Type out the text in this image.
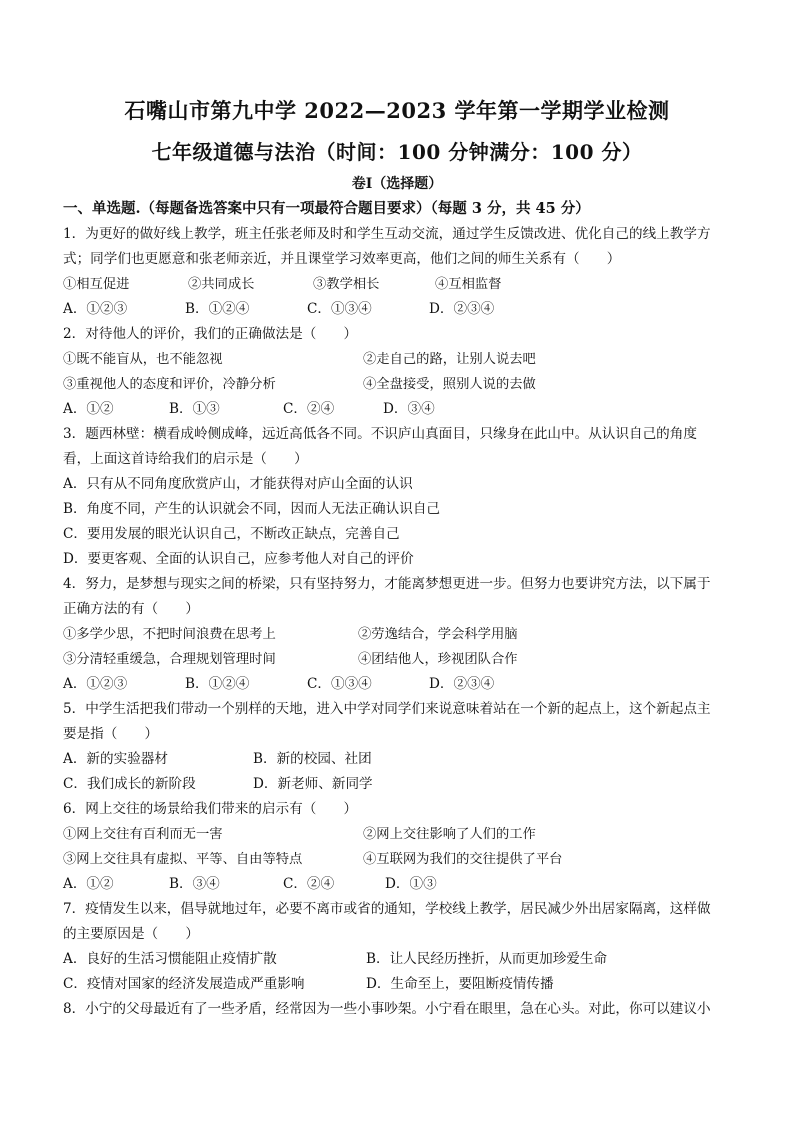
石嘴山市第九中学 2022—2023 学年第一学期学业检测
七年级道德与法治（时间：100 分钟满分：100 分）
卷Ⅰ（选择题）
一、单选题.（每题备选答案中只有一项最符合题目要求）（每题 3 分，共 45 分）
1．为更好的做好线上教学，班主任张老师及时和学生互动交流，通过学生反馈改进、优化自己的线上教学方
式；同学们也更愿意和张老师亲近，并且课堂学习效率更高，他们之间的师生关系有（　　）
①相互促进	②共同成长	③教学相长	④互相监督
A．①②③	B．①②④	C．①③④	D．②③④
2．对待他人的评价，我们的正确做法是（　　）
①既不能盲从，也不能忽视	②走自己的路，让别人说去吧
③重视他人的态度和评价，冷静分析	④全盘接受，照别人说的去做
A．①②	B．①③	C．②④	D．③④
3．题西林壁：横看成岭侧成峰，远近高低各不同。不识庐山真面目，只缘身在此山中。从认识自己的角度
看，上面这首诗给我们的启示是（　　）
A．只有从不同角度欣赏庐山，才能获得对庐山全面的认识
B．角度不同，产生的认识就会不同，因而人无法正确认识自己
C．要用发展的眼光认识自己，不断改正缺点，完善自己
D．要更客观、全面的认识自己，应参考他人对自己的评价
4．努力，是梦想与现实之间的桥梁，只有坚持努力，才能离梦想更进一步。但努力也要讲究方法，以下属于
正确方法的有（　　）
①多学少思，不把时间浪费在思考上	②劳逸结合，学会科学用脑
③分清轻重缓急，合理规划管理时间	④团结他人，珍视团队合作
A．①②③	B．①②④	C．①③④	D．②③④
5．中学生活把我们带动一个别样的天地，进入中学对同学们来说意味着站在一个新的起点上，这个新起点主
要是指（　　）
A．新的实验器材	B．新的校园、社团
C．我们成长的新阶段	D．新老师、新同学
6．网上交往的场景给我们带来的启示有（　　）
①网上交往有百利而无一害	②网上交往影响了人们的工作
③网上交往具有虚拟、平等、自由等特点	④互联网为我们的交往提供了平台
A．①②	B．③④	C．②④	D．①③
7．疫情发生以来，倡导就地过年，必要不离市或省的通知，学校线上教学，居民减少外出居家隔离，这样做
的主要原因是（　　）
A．良好的生活习惯能阻止疫情扩散	B．让人民经历挫折，从而更加珍爱生命
C．疫情对国家的经济发展造成严重影响	D．生命至上，要阻断疫情传播
8．小宁的父母最近有了一些矛盾，经常因为一些小事吵架。小宁看在眼里，急在心头。对此，你可以建议小
